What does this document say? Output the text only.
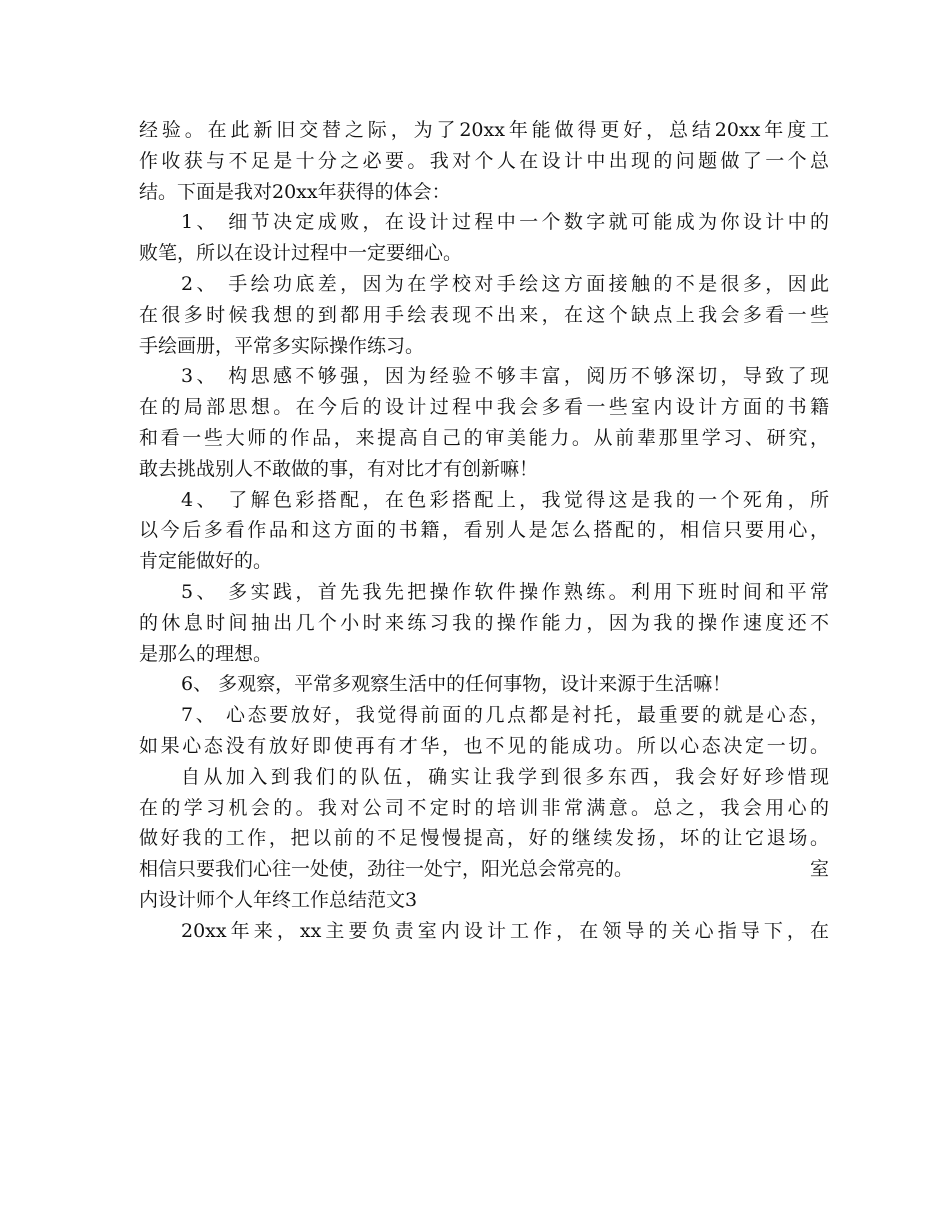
经验。在此新旧交替之际，为了20xx年能做得更好，总结20xx年度工
作收获与不足是十分之必要。我对个人在设计中出现的问题做了一个总
结。下面是我对20xx年获得的体会：
1、 细节决定成败，在设计过程中一个数字就可能成为你设计中的
败笔，所以在设计过程中一定要细心。
2、 手绘功底差，因为在学校对手绘这方面接触的不是很多，因此
在很多时候我想的到都用手绘表现不出来，在这个缺点上我会多看一些
手绘画册，平常多实际操作练习。
3、 构思感不够强，因为经验不够丰富，阅历不够深切，导致了现
在的局部思想。在今后的设计过程中我会多看一些室内设计方面的书籍
和看一些大师的作品，来提高自己的审美能力。从前辈那里学习、研究，
敢去挑战别人不敢做的事，有对比才有创新嘛！
4、 了解色彩搭配，在色彩搭配上，我觉得这是我的一个死角，所
以今后多看作品和这方面的书籍，看别人是怎么搭配的，相信只要用心，
肯定能做好的。
5、 多实践，首先我先把操作软件操作熟练。利用下班时间和平常
的休息时间抽出几个小时来练习我的操作能力，因为我的操作速度还不
是那么的理想。
6、 多观察，平常多观察生活中的任何事物，设计来源于生活嘛！
7、 心态要放好，我觉得前面的几点都是衬托，最重要的就是心态，
如果心态没有放好即使再有才华，也不见的能成功。所以心态决定一切。
自从加入到我们的队伍，确实让我学到很多东西，我会好好珍惜现
在的学习机会的。我对公司不定时的培训非常满意。总之，我会用心的
做好我的工作，把以前的不足慢慢提高，好的继续发扬，坏的让它退场。
相信只要我们心往一处使，劲往一处宁，阳光总会常亮的。	室
内设计师个人年终工作总结范文3
20xx年来，xx主要负责室内设计工作，在领导的关心指导下，在
